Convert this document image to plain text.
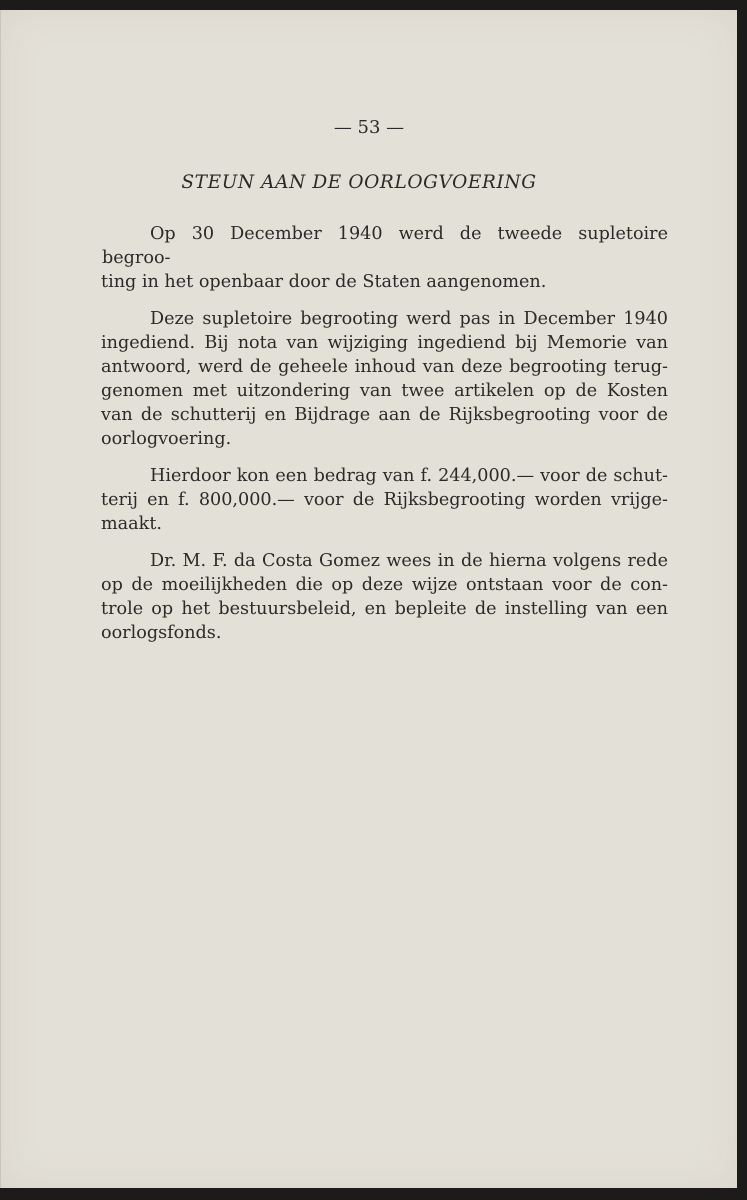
— 53 —
STEUN AAN DE OORLOGVOERING
Op 30 December 1940 werd de tweede supletoire begroo-
ting in het openbaar door de Staten aangenomen.
Deze supletoire begrooting werd pas in December 1940
ingediend. Bij nota van wijziging ingediend bij Memorie van
antwoord, werd de geheele inhoud van deze begrooting terug-
genomen met uitzondering van twee artikelen op de Kosten
van de schutterij en Bijdrage aan de Rijksbegrooting voor de
oorlogvoering.
Hierdoor kon een bedrag van f. 244,000.— voor de schut-
terij en f. 800,000.— voor de Rijksbegrooting worden vrijge-
maakt.
Dr. M. F. da Costa Gomez wees in de hierna volgens rede
op de moeilijkheden die op deze wijze ontstaan voor de con-
trole op het bestuursbeleid, en bepleite de instelling van een
oorlogsfonds.
